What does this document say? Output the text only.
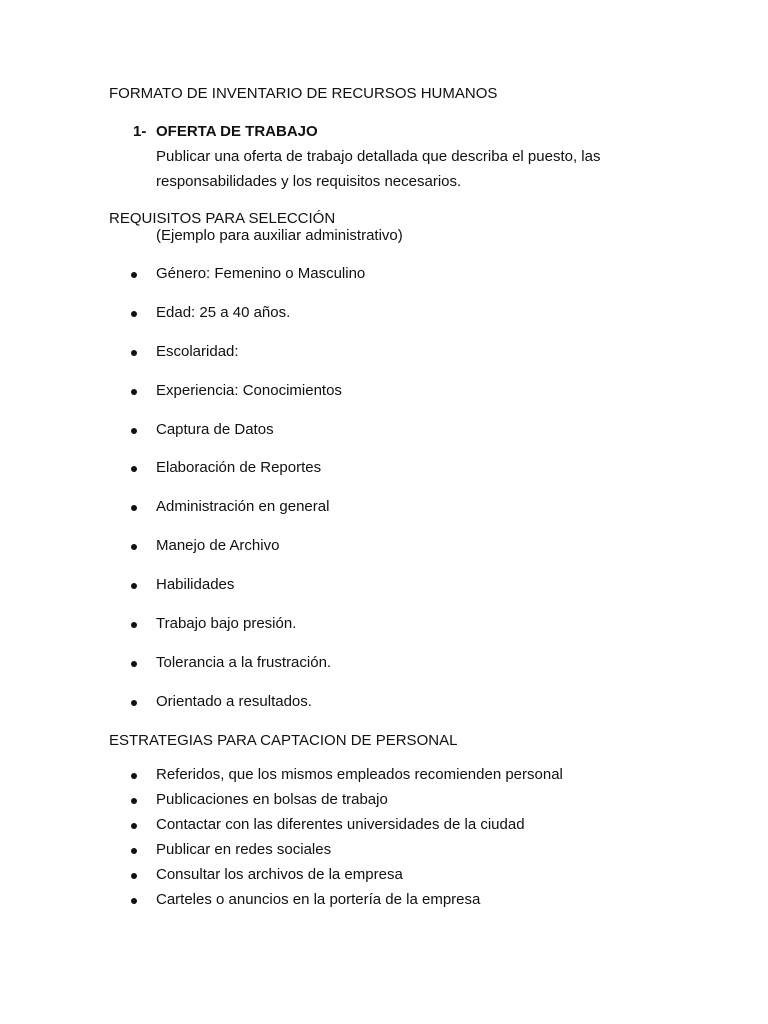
FORMATO DE INVENTARIO DE RECURSOS HUMANOS
1- OFERTA DE TRABAJO
Publicar una oferta de trabajo detallada que describa el puesto, las
responsabilidades y los requisitos necesarios.
REQUISITOS PARA SELECCIÓN
(Ejemplo para auxiliar administrativo)
Género: Femenino o Masculino
Edad: 25 a 40 años.
Escolaridad:
Experiencia: Conocimientos
Captura de Datos
Elaboración de Reportes
Administración en general
Manejo de Archivo
Habilidades
Trabajo bajo presión.
Tolerancia a la frustración.
Orientado a resultados.
ESTRATEGIAS PARA CAPTACION DE PERSONAL
Referidos, que los mismos empleados recomienden personal
Publicaciones en bolsas de trabajo
Contactar con las diferentes universidades de la ciudad
Publicar en redes sociales
Consultar los archivos de la empresa
Carteles o anuncios en la portería de la empresa
